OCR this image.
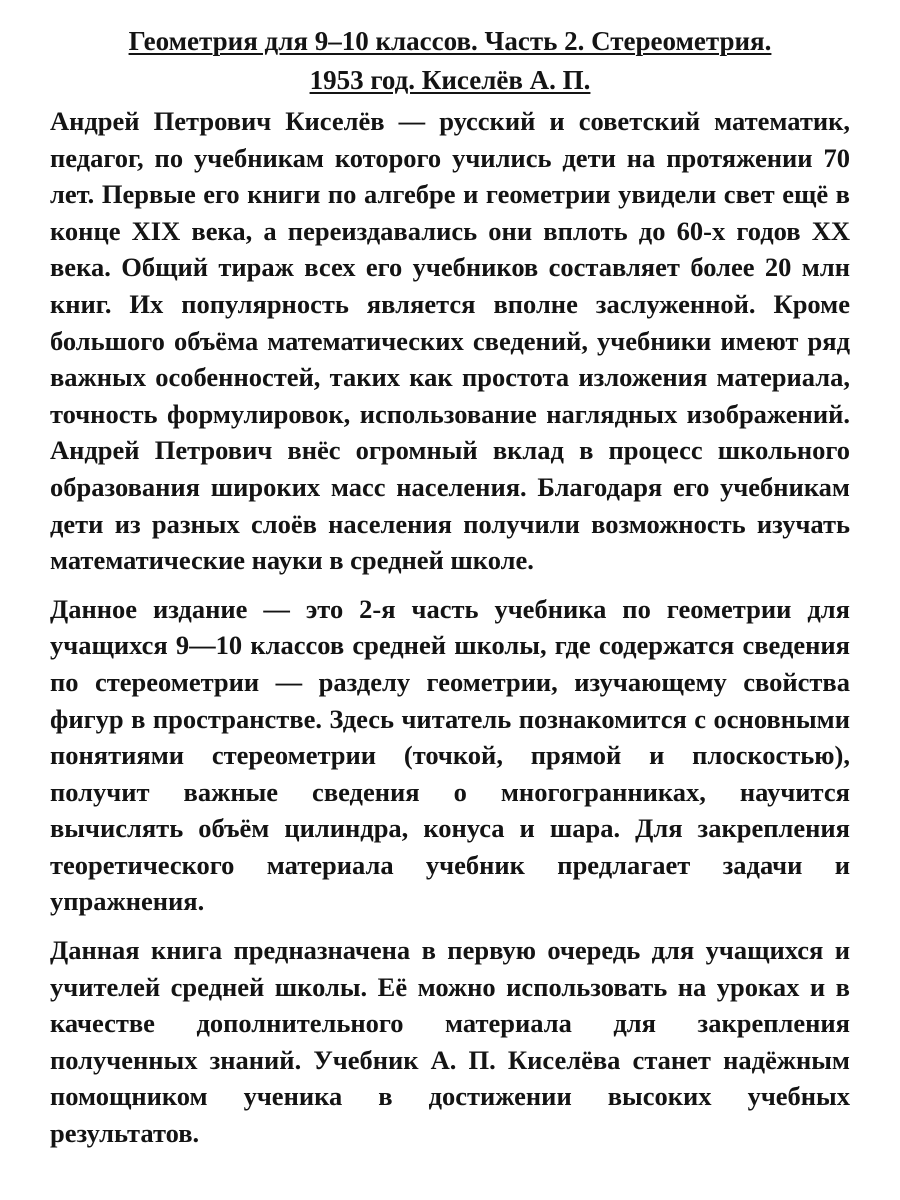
Геометрия для 9–10 классов. Часть 2. Стереометрия.
1953 год. Киселёв А. П.

Андрей Петрович Киселёв — русский и советский математик, педагог, по учебникам которого учились дети на протяжении 70 лет. Первые его книги по алгебре и геометрии увидели свет ещё в конце XIX века, а переиздавались они вплоть до 60-х годов XX века. Общий тираж всех его учебников составляет более 20 млн книг. Их популярность является вполне заслуженной. Кроме большого объёма математических сведений, учебники имеют ряд важных особенностей, таких как простота изложения материала, точность формулировок, использование наглядных изображений. Андрей Петрович внёс огромный вклад в процесс школьного образования широких масс населения. Благодаря его учебникам дети из разных слоёв населения получили возможность изучать математические науки в средней школе.

Данное издание — это 2-я часть учебника по геометрии для учащихся 9—10 классов средней школы, где содержатся сведения по стереометрии — разделу геометрии, изучающему свойства фигур в пространстве. Здесь читатель познакомится с основными понятиями стереометрии (точкой, прямой и плоскостью), получит важные сведения о многогранниках, научится вычислять объём цилиндра, конуса и шара. Для закрепления теоретического материала учебник предлагает задачи и упражнения.

Данная книга предназначена в первую очередь для учащихся и учителей средней школы. Её можно использовать на уроках и в качестве дополнительного материала для закрепления полученных знаний. Учебник А. П. Киселёва станет надёжным помощником ученика в достижении высоких учебных результатов.
